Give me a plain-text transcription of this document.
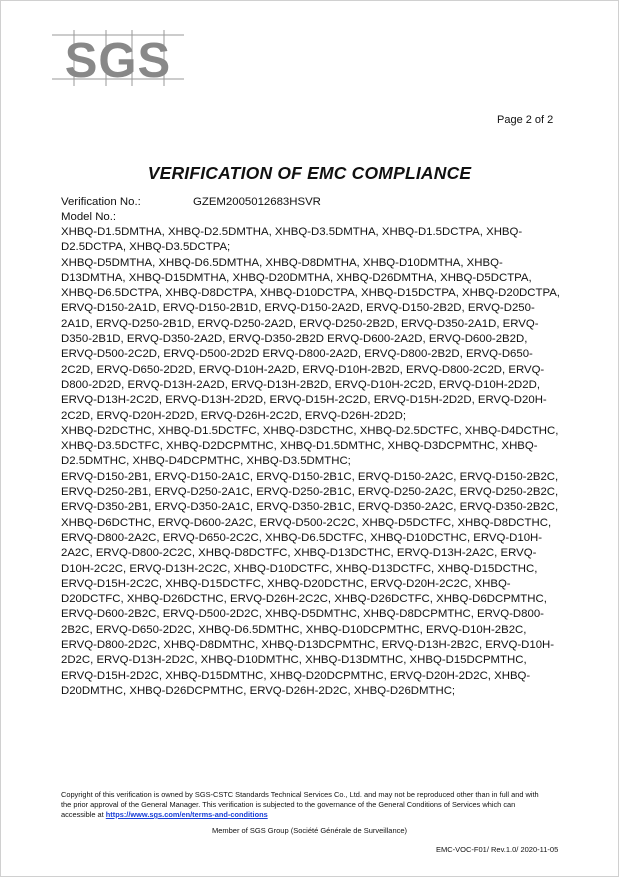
SGS
Page 2 of 2
VERIFICATION OF EMC COMPLIANCE
Verification No.:	GZEM2005012683HSVR
Model No.:

XHBQ-D1.5DMTHA, XHBQ-D2.5DMTHA, XHBQ-D3.5DMTHA, XHBQ-D1.5DCTPA, XHBQ-D2.5DCTPA, XHBQ-D3.5DCTPA;

XHBQ-D5DMTHA, XHBQ-D6.5DMTHA, XHBQ-D8DMTHA, XHBQ-D10DMTHA, XHBQ-D13DMTHA, XHBQ-D15DMTHA, XHBQ-D20DMTHA, XHBQ-D26DMTHA, XHBQ-D5DCTPA, XHBQ-D6.5DCTPA, XHBQ-D8DCTPA, XHBQ-D10DCTPA, XHBQ-D15DCTPA, XHBQ-D20DCTPA, ERVQ-D150-2A1D, ERVQ-D150-2B1D, ERVQ-D150-2A2D, ERVQ-D150-2B2D, ERVQ-D250-2A1D, ERVQ-D250-2B1D, ERVQ-D250-2A2D, ERVQ-D250-2B2D, ERVQ-D350-2A1D, ERVQ-D350-2B1D, ERVQ-D350-2A2D, ERVQ-D350-2B2D ERVQ-D600-2A2D, ERVQ-D600-2B2D, ERVQ-D500-2C2D, ERVQ-D500-2D2D ERVQ-D800-2A2D, ERVQ-D800-2B2D, ERVQ-D650-2C2D, ERVQ-D650-2D2D, ERVQ-D10H-2A2D, ERVQ-D10H-2B2D, ERVQ-D800-2C2D, ERVQ-D800-2D2D, ERVQ-D13H-2A2D, ERVQ-D13H-2B2D, ERVQ-D10H-2C2D, ERVQ-D10H-2D2D, ERVQ-D13H-2C2D, ERVQ-D13H-2D2D, ERVQ-D15H-2C2D, ERVQ-D15H-2D2D, ERVQ-D20H-2C2D, ERVQ-D20H-2D2D, ERVQ-D26H-2C2D, ERVQ-D26H-2D2D;

XHBQ-D2DCTHC, XHBQ-D1.5DCTFC, XHBQ-D3DCTHC, XHBQ-D2.5DCTFC, XHBQ-D4DCTHC, XHBQ-D3.5DCTFC, XHBQ-D2DCPMTHC, XHBQ-D1.5DMTHC, XHBQ-D3DCPMTHC, XHBQ-D2.5DMTHC, XHBQ-D4DCPMTHC, XHBQ-D3.5DMTHC;

ERVQ-D150-2B1, ERVQ-D150-2A1C, ERVQ-D150-2B1C, ERVQ-D150-2A2C, ERVQ-D150-2B2C, ERVQ-D250-2B1, ERVQ-D250-2A1C, ERVQ-D250-2B1C, ERVQ-D250-2A2C, ERVQ-D250-2B2C, ERVQ-D350-2B1, ERVQ-D350-2A1C, ERVQ-D350-2B1C, ERVQ-D350-2A2C, ERVQ-D350-2B2C, XHBQ-D6DCTHC, ERVQ-D600-2A2C, ERVQ-D500-2C2C, XHBQ-D5DCTFC, XHBQ-D8DCTHC, ERVQ-D800-2A2C, ERVQ-D650-2C2C, XHBQ-D6.5DCTFC, XHBQ-D10DCTHC, ERVQ-D10H-2A2C, ERVQ-D800-2C2C, XHBQ-D8DCTFC, XHBQ-D13DCTHC, ERVQ-D13H-2A2C, ERVQ-D10H-2C2C, ERVQ-D13H-2C2C, XHBQ-D10DCTFC, XHBQ-D13DCTFC, XHBQ-D15DCTHC, ERVQ-D15H-2C2C, XHBQ-D15DCTFC, XHBQ-D20DCTHC, ERVQ-D20H-2C2C, XHBQ-D20DCTFC, XHBQ-D26DCTHC, ERVQ-D26H-2C2C, XHBQ-D26DCTFC, XHBQ-D6DCPMTHC, ERVQ-D600-2B2C, ERVQ-D500-2D2C, XHBQ-D5DMTHC, XHBQ-D8DCPMTHC, ERVQ-D800-2B2C, ERVQ-D650-2D2C, XHBQ-D6.5DMTHC, XHBQ-D10DCPMTHC, ERVQ-D10H-2B2C, ERVQ-D800-2D2C, XHBQ-D8DMTHC, XHBQ-D13DCPMTHC, ERVQ-D13H-2B2C, ERVQ-D10H-2D2C, ERVQ-D13H-2D2C, XHBQ-D10DMTHC, XHBQ-D13DMTHC, XHBQ-D15DCPMTHC, ERVQ-D15H-2D2C, XHBQ-D15DMTHC, XHBQ-D20DCPMTHC, ERVQ-D20H-2D2C, XHBQ-D20DMTHC, XHBQ-D26DCPMTHC, ERVQ-D26H-2D2C, XHBQ-D26DMTHC;

Copyright of this verification is owned by SGS-CSTC Standards Technical Services Co., Ltd. and may not be reproduced other than in full and with the prior approval of the General Manager. This verification is subjected to the governance of the General Conditions of Services which can accessible at https://www.sgs.com/en/terms-and-conditions
Member of SGS Group (Société Générale de Surveillance)
EMC-VOC-F01/ Rev.1.0/ 2020-11-05
